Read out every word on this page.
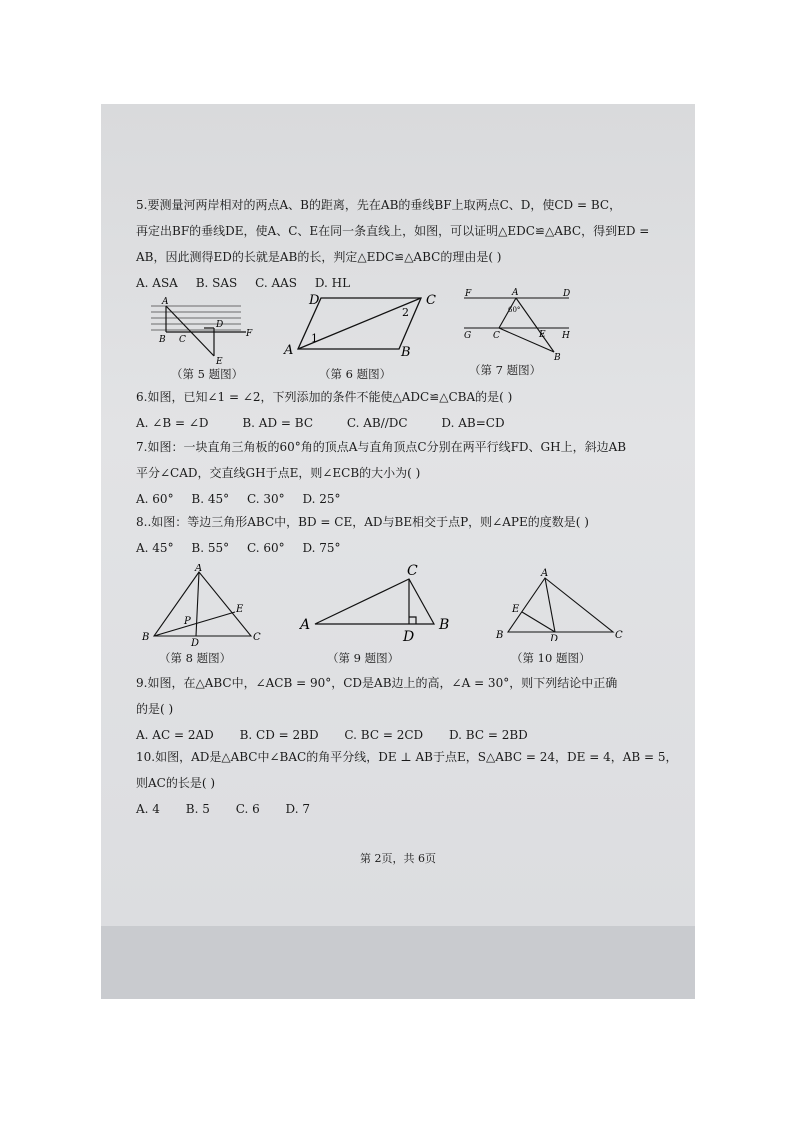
5.要测量河两岸相对的两点A、B的距离，先在AB的垂线BF上取两点C、D，使CD = BC，
再定出BF的垂线DE，使A、C、E在同一条直线上，如图，可以证明△EDC≌△ABC，得到ED =
AB，因此测得ED的长就是AB的长，判定△EDC≌△ABC的理由是( )
A. ASA B. SAS C. AAS D. HL
A
D
F
B C
E
（第 5 题图）
D	C
A	B
1
2
（第 6 题图）
F	A	D
60°
G C	E H
B
（第 7 题图）
6.如图，已知∠1 = ∠2，下列添加的条件不能使△ADC≌△CBA的是( )
A. ∠B = ∠D	B. AD = BC	C. AB//DC	D. AB=CD
7.如图：一块直角三角板的60°角的顶点A与直角顶点C分别在两平行线FD、GH上，斜边AB
平分∠CAD，交直线GH于点E，则∠ECB的大小为( )
A. 60° B. 45° C. 30° D. 25°
8..如图：等边三角形ABC中，BD = CE，AD与BE相交于点P，则∠APE的度数是( )
A. 45° B. 55° C. 60° D. 75°
A
E
P
B
D
C
（第 8 题图）
C
A
D
B
（第 9 题图）
A
E
B	D	C
（第 10 题图）
9.如图，在△ABC中，∠ACB = 90°，CD是AB边上的高，∠A = 30°，则下列结论中正确
的是( )
A. AC = 2AD B. CD = 2BD C. BC = 2CD D. BC = 2BD
10.如图，AD是△ABC中∠BAC的角平分线，DE ⊥ AB于点E，S△ABC = 24，DE = 4，AB = 5，
则AC的长是( )
A. 4 B. 5 C. 6 D. 7
第 2页，共 6页
